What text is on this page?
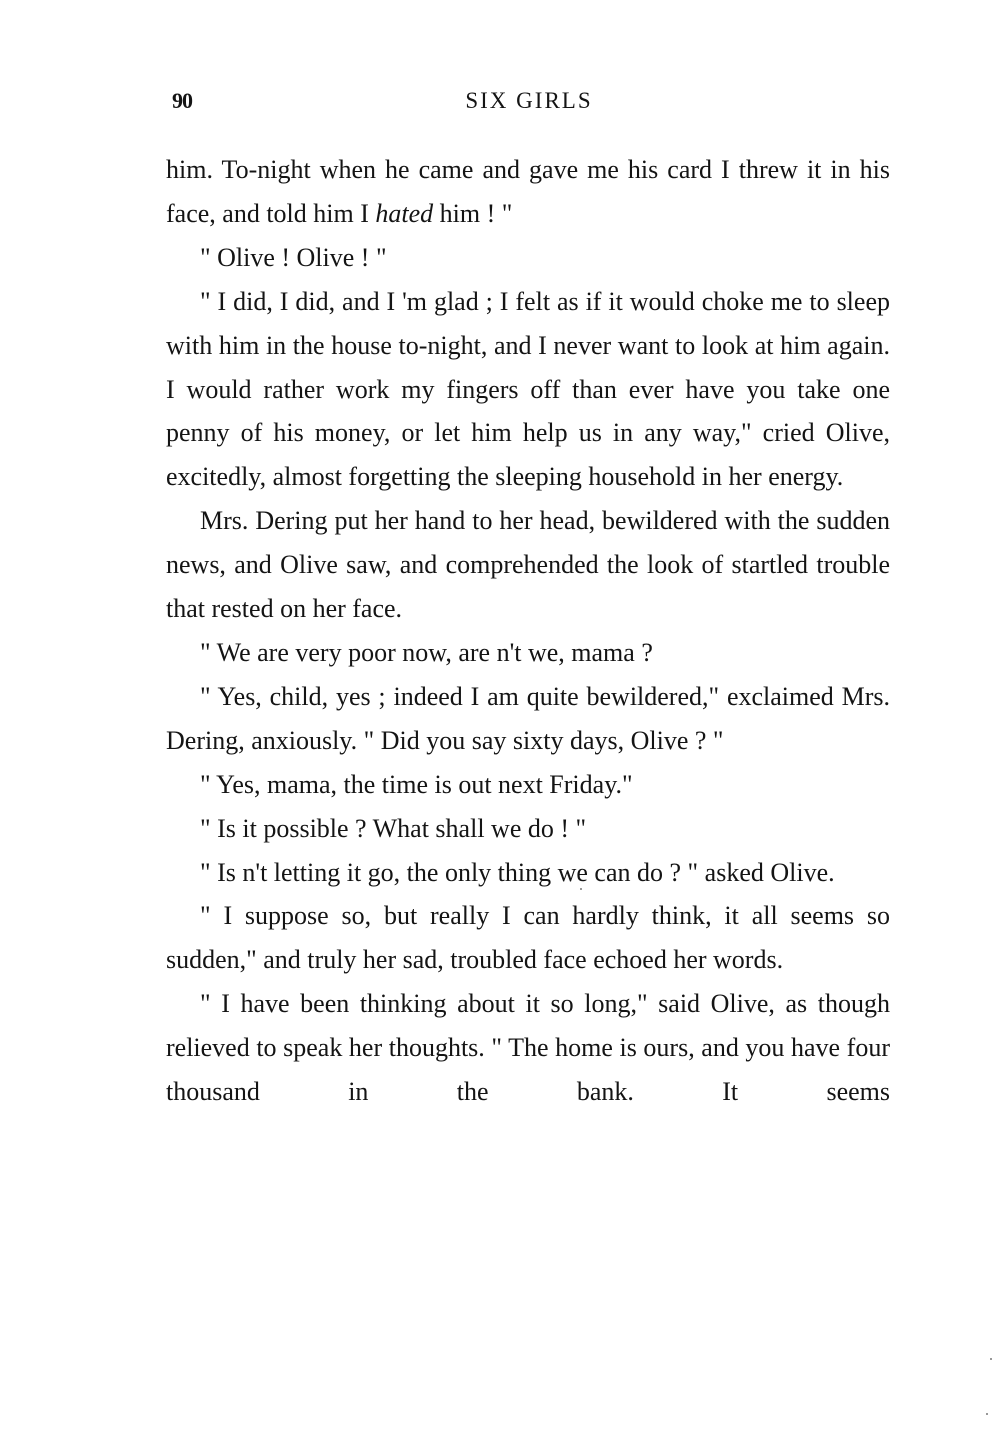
90	SIX GIRLS

him. To-night when he came and gave me his card I threw it in his face, and told him I hated him ! "

" Olive ! Olive ! "

" I did, I did, and I 'm glad ; I felt as if it would choke me to sleep with him in the house to-night, and I never want to look at him again. I would rather work my fingers off than ever have you take one penny of his money, or let him help us in any way," cried Olive, excitedly, almost forgetting the sleeping household in her energy.

Mrs. Dering put her hand to her head, bewildered with the sudden news, and Olive saw, and comprehended the look of startled trouble that rested on her face.

" We are very poor now, are n't we, mama ?

" Yes, child, yes ; indeed I am quite bewildered," exclaimed Mrs. Dering, anxiously. " Did you say sixty days, Olive ? "

" Yes, mama, the time is out next Friday."

" Is it possible ? What shall we do ! "

" Is n't letting it go, the only thing we can do ? " asked Olive.

" I suppose so, but really I can hardly think, it all seems so sudden," and truly her sad, troubled face echoed her words.

" I have been thinking about it so long," said Olive, as though relieved to speak her thoughts. " The home is ours, and you have four thousand in the bank. It seems
